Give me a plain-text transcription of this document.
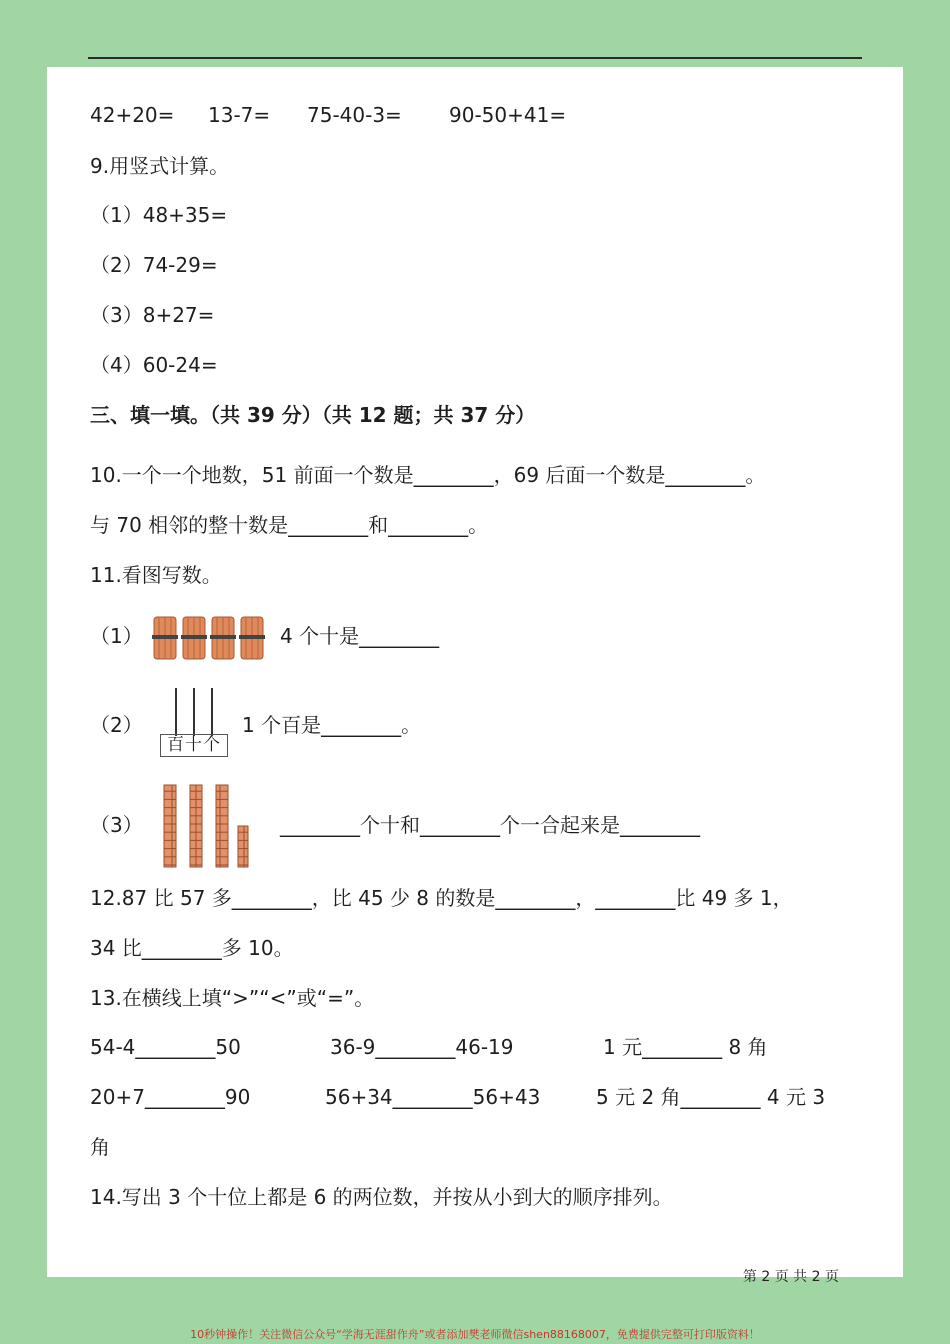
42+20= 13-7= 75-40-3= 90-50+41=
9.用竖式计算。
（1）48+35=
（2）74-29=
（3）8+27=
（4）60-24=
三、填一填。（共 39 分）（共 12 题；共 37 分）
10.一个一个地数，51 前面一个数是________，69 后面一个数是________。
与 70 相邻的整十数是________和________。
11.看图写数。
（1）	4 个十是________
（2）
百十个
1 个百是________。
（3）	________个十和________个一合起来是________
12.87 比 57 多________，比 45 少 8 的数是________，________比 49 多 1，
34 比________多 10。
13.在横线上填“>”“<”或“=”。
54-4________50	36-9________46-19	1 元________ 8 角
20+7________90	56+34________56+43	5 元 2 角________ 4 元 3
角
14.写出 3 个十位上都是 6 的两位数，并按从小到大的顺序排列。
第 2 页 共 2 页
10秒钟操作！关注微信公众号“学海无涯甜作舟”或者添加樊老师微信shen88168007，免费提供完整可打印版资料！
